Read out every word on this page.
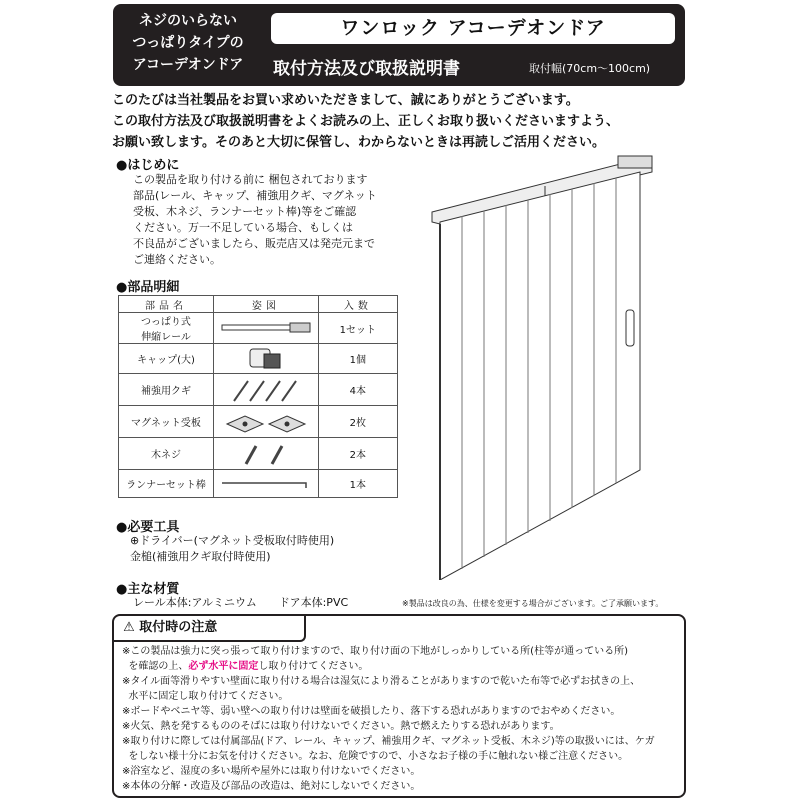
ネジのいらない
つっぱりタイプの
アコーデオンドア
ワンロック アコーデオンドア
取付方法及び取扱説明書	取付幅(70cm〜100cm)
このたびは当社製品をお買い求めいただきまして、誠にありがとうございます。
この取付方法及び取扱説明書をよくお読みの上、正しくお取り扱いくださいますよう、
お願い致します。そのあと大切に保管し、わからないときは再読しご活用ください。
●はじめに
この製品を取り付ける前に 梱包されております
部品(レール、キャップ、補強用クギ、マグネット
受板、木ネジ、ランナーセット棒)等をご確認
ください。万一不足している場合、もしくは
不良品がございましたら、販売店又は発売元まで
ご連絡ください。
●部品明細
部品名	姿図	入数

つっぱり式
伸縮レール		1セット

キャップ(大)		1個

補強用クギ		4本

マグネット受板		2枚

木ネジ		2本

ランナーセット棒		1本
●必要工具
⊕ドライバー(マグネット受板取付時使用)
金槌(補強用クギ取付時使用)
●主な材質
レール本体:アルミニウム　　ドア本体:PVC	※製品は改良の為、仕様を変更する場合がございます。ご了承願います。
⚠ 取付時の注意
※この製品は強力に突っ張って取り付けますので、取り付け面の下地がしっかりしている所(柱等が通っている所)
を確認の上、必ず水平に固定し取り付けてください。
※タイル面等滑りやすい壁面に取り付ける場合は湿気により滑ることがありますので乾いた布等で必ずお拭きの上、
水平に固定し取り付けてください。
※ボードやベニヤ等、弱い壁への取り付けは壁面を破損したり、落下する恐れがありますのでおやめください。
※火気、熱を発するもののそばには取り付けないでください。熱で燃えたりする恐れがあります。
※取り付けに際しては付属部品(ドア、レール、キャップ、補強用クギ、マグネット受板、木ネジ)等の取扱いには、ケガ
をしない様十分にお気を付けください。なお、危険ですので、小さなお子様の手に触れない様ご注意ください。
※浴室など、湿度の多い場所や屋外には取り付けないでください。
※本体の分解・改造及び部品の改造は、絶対にしないでください。
